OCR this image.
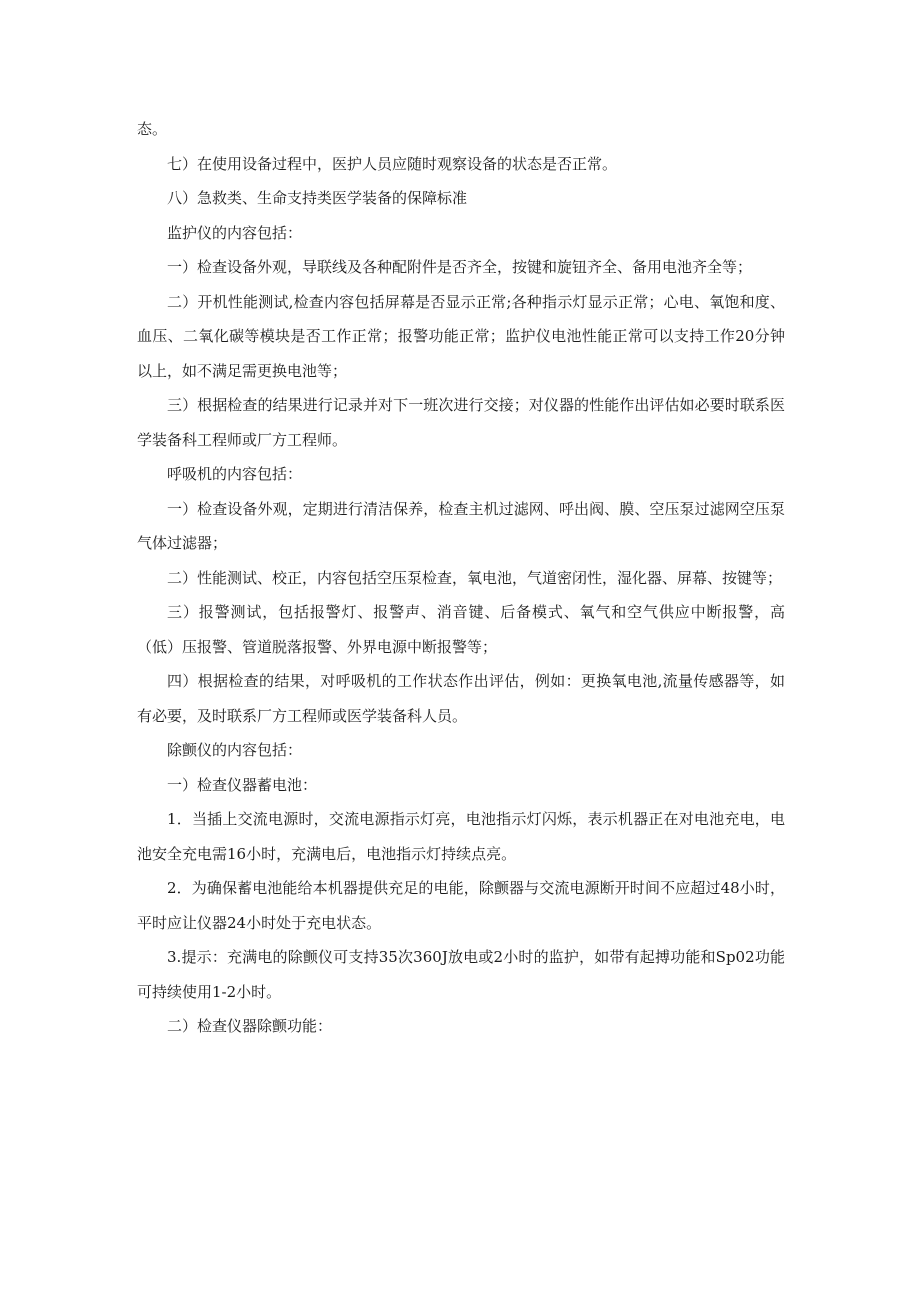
态。

七）在使用设备过程中，医护人员应随时观察设备的状态是否正常。

八）急救类、生命支持类医学装备的保障标准

监护仪的内容包括：

一）检查设备外观，导联线及各种配附件是否齐全，按键和旋钮齐全、备用电池齐全等；

二）开机性能测试,检查内容包括屏幕是否显示正常;各种指示灯显示正常；心电、氧饱和度、血压、二氧化碳等模块是否工作正常；报警功能正常；监护仪电池性能正常可以支持工作20分钟以上，如不满足需更换电池等；

三）根据检查的结果进行记录并对下一班次进行交接；对仪器的性能作出评估如必要时联系医学装备科工程师或厂方工程师。

呼吸机的内容包括：

一）检查设备外观，定期进行清洁保养，检查主机过滤网、呼出阀、膜、空压泵过滤网空压泵气体过滤器；

二）性能测试、校正，内容包括空压泵检查，氧电池，气道密闭性，湿化器、屏幕、按键等；

三）报警测试，包括报警灯、报警声、消音键、后备模式、氧气和空气供应中断报警，高（低）压报警、管道脱落报警、外界电源中断报警等；

四）根据检查的结果，对呼吸机的工作状态作出评估，例如：更换氧电池,流量传感器等，如有必要，及时联系厂方工程师或医学装备科人员。

除颤仪的内容包括：

一）检查仪器蓄电池：

1．当插上交流电源时，交流电源指示灯亮，电池指示灯闪烁，表示机器正在对电池充电，电池安全充电需16小时，充满电后，电池指示灯持续点亮。

2．为确保蓄电池能给本机器提供充足的电能，除颤器与交流电源断开时间不应超过48小时，平时应让仪器24小时处于充电状态。

3.提示：充满电的除颤仪可支持35次360J放电或2小时的监护，如带有起搏功能和Sp02功能可持续使用1-2小时。

二）检查仪器除颤功能：
